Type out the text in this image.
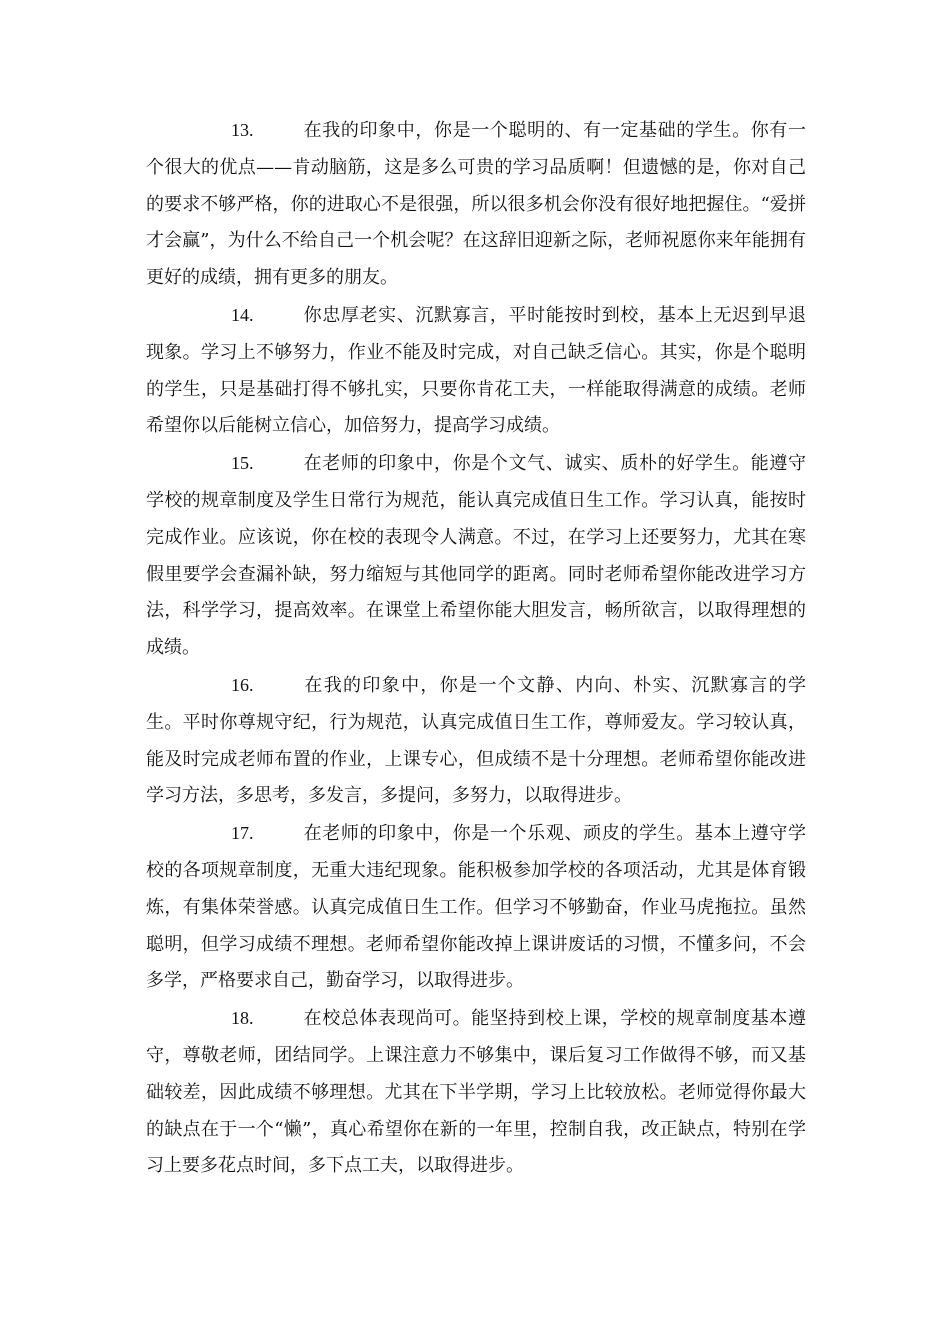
13.	在我的印象中，你是一个聪明的、有一定基础的学生。你有一个很大的优点——肯动脑筋，这是多么可贵的学习品质啊！但遗憾的是，你对自己的要求不够严格，你的进取心不是很强，所以很多机会你没有很好地把握住。“爱拼才会赢”，为什么不给自己一个机会呢？在这辞旧迎新之际，老师祝愿你来年能拥有更好的成绩，拥有更多的朋友。

14.	你忠厚老实、沉默寡言，平时能按时到校，基本上无迟到早退现象。学习上不够努力，作业不能及时完成，对自己缺乏信心。其实，你是个聪明的学生，只是基础打得不够扎实，只要你肯花工夫，一样能取得满意的成绩。老师希望你以后能树立信心，加倍努力，提高学习成绩。

15.	在老师的印象中，你是个文气、诚实、质朴的好学生。能遵守学校的规章制度及学生日常行为规范，能认真完成值日生工作。学习认真，能按时完成作业。应该说，你在校的表现令人满意。不过，在学习上还要努力，尤其在寒假里要学会查漏补缺，努力缩短与其他同学的距离。同时老师希望你能改进学习方法，科学学习，提高效率。在课堂上希望你能大胆发言，畅所欲言，以取得理想的成绩。

16.	在我的印象中，你是一个文静、内向、朴实、沉默寡言的学生。平时你尊规守纪，行为规范，认真完成值日生工作，尊师爱友。学习较认真，能及时完成老师布置的作业，上课专心，但成绩不是十分理想。老师希望你能改进学习方法，多思考，多发言，多提问，多努力，以取得进步。

17.	在老师的印象中，你是一个乐观、顽皮的学生。基本上遵守学校的各项规章制度，无重大违纪现象。能积极参加学校的各项活动，尤其是体育锻炼，有集体荣誉感。认真完成值日生工作。但学习不够勤奋，作业马虎拖拉。虽然聪明，但学习成绩不理想。老师希望你能改掉上课讲废话的习惯，不懂多问，不会多学，严格要求自己，勤奋学习，以取得进步。

18.	在校总体表现尚可。能坚持到校上课，学校的规章制度基本遵守，尊敬老师，团结同学。上课注意力不够集中，课后复习工作做得不够，而又基础较差，因此成绩不够理想。尤其在下半学期，学习上比较放松。老师觉得你最大的缺点在于一个“懒”，真心希望你在新的一年里，控制自我，改正缺点，特别在学习上要多花点时间，多下点工夫，以取得进步。
